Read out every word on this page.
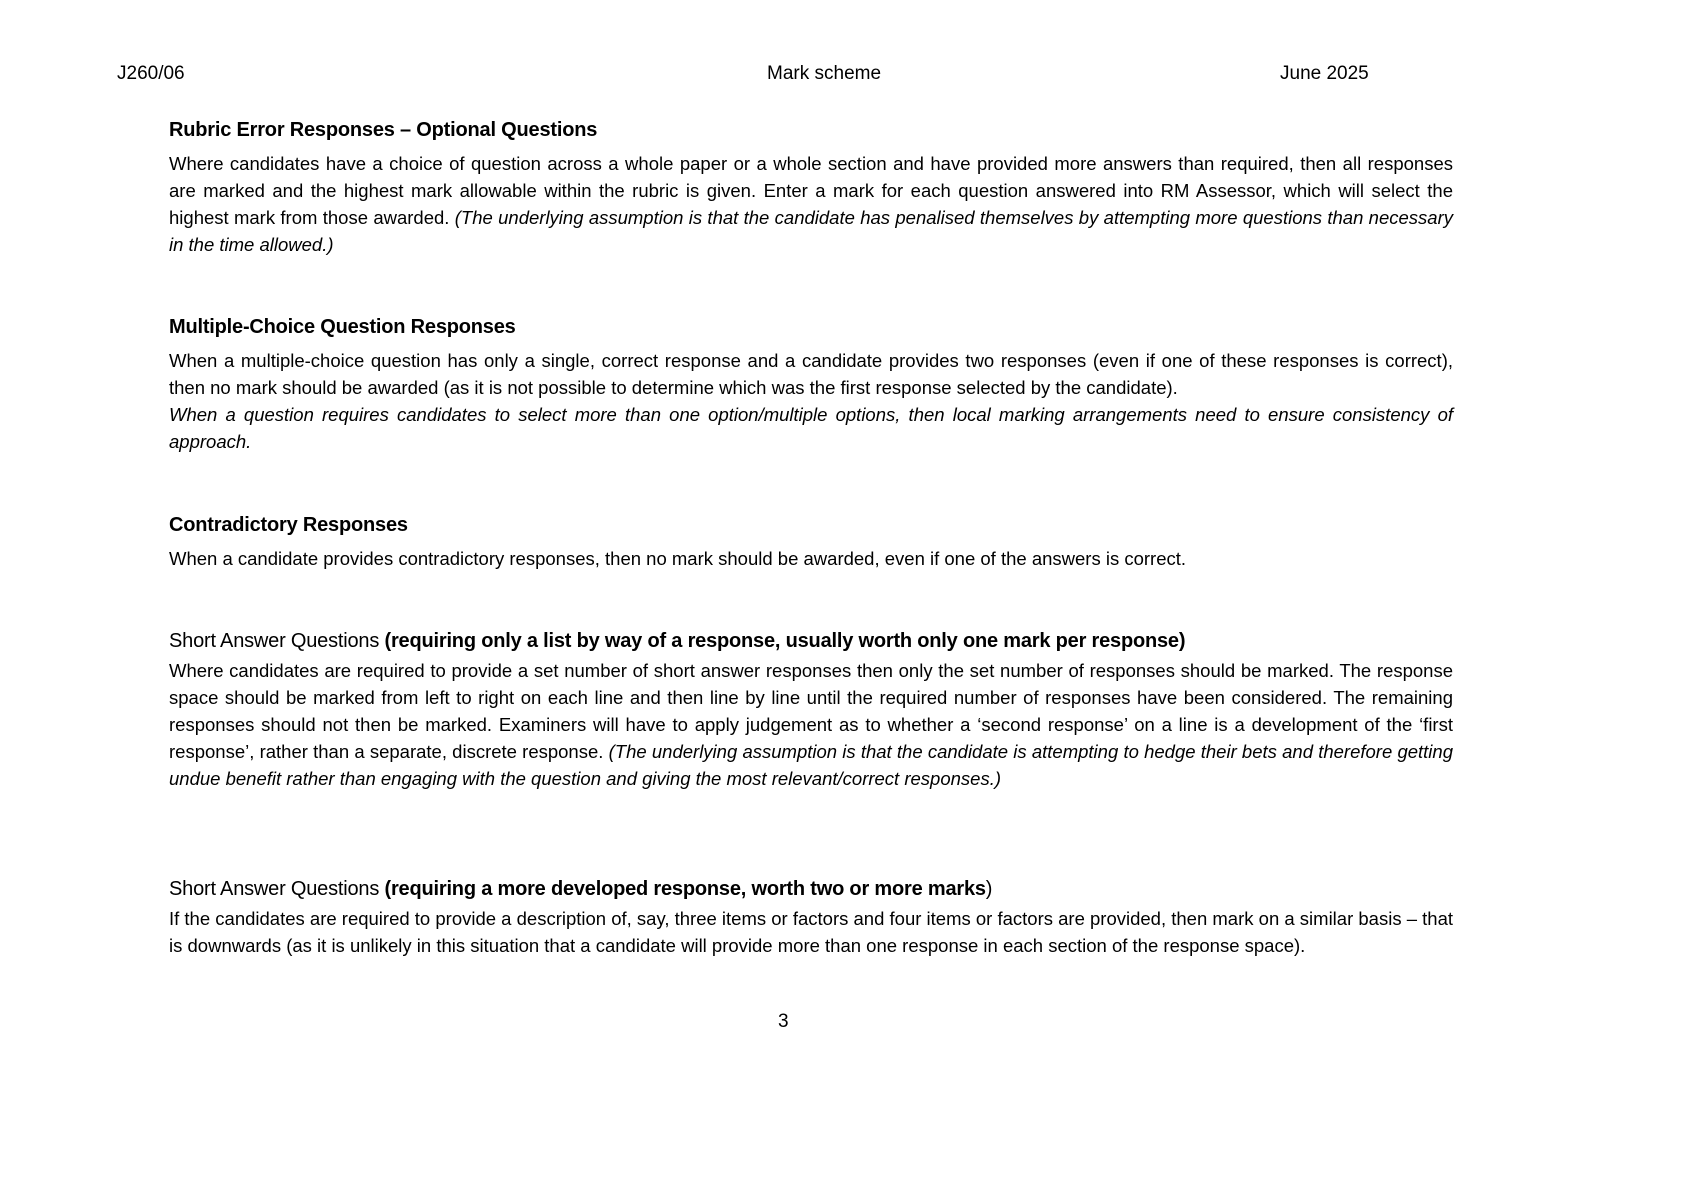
J260/06	Mark scheme	June 2025
Rubric Error Responses – Optional Questions

Where candidates have a choice of question across a whole paper or a whole section and have provided more answers than required, then all responses are marked and the highest mark allowable within the rubric is given. Enter a mark for each question answered into RM Assessor, which will select the highest mark from those awarded. (The underlying assumption is that the candidate has penalised themselves by attempting more questions than necessary in the time allowed.)

Multiple-Choice Question Responses

When a multiple-choice question has only a single, correct response and a candidate provides two responses (even if one of these responses is correct), then no mark should be awarded (as it is not possible to determine which was the first response selected by the candidate).
When a question requires candidates to select more than one option/multiple options, then local marking arrangements need to ensure consistency of approach.

Contradictory Responses

When a candidate provides contradictory responses, then no mark should be awarded, even if one of the answers is correct.

Short Answer Questions (requiring only a list by way of a response, usually worth only one mark per response)

Where candidates are required to provide a set number of short answer responses then only the set number of responses should be marked. The response space should be marked from left to right on each line and then line by line until the required number of responses have been considered. The remaining responses should not then be marked. Examiners will have to apply judgement as to whether a ‘second response’ on a line is a development of the ‘first response’, rather than a separate, discrete response. (The underlying assumption is that the candidate is attempting to hedge their bets and therefore getting undue benefit rather than engaging with the question and giving the most relevant/correct responses.)

Short Answer Questions (requiring a more developed response, worth two or more marks)

If the candidates are required to provide a description of, say, three items or factors and four items or factors are provided, then mark on a similar basis – that is downwards (as it is unlikely in this situation that a candidate will provide more than one response in each section of the response space).

3
